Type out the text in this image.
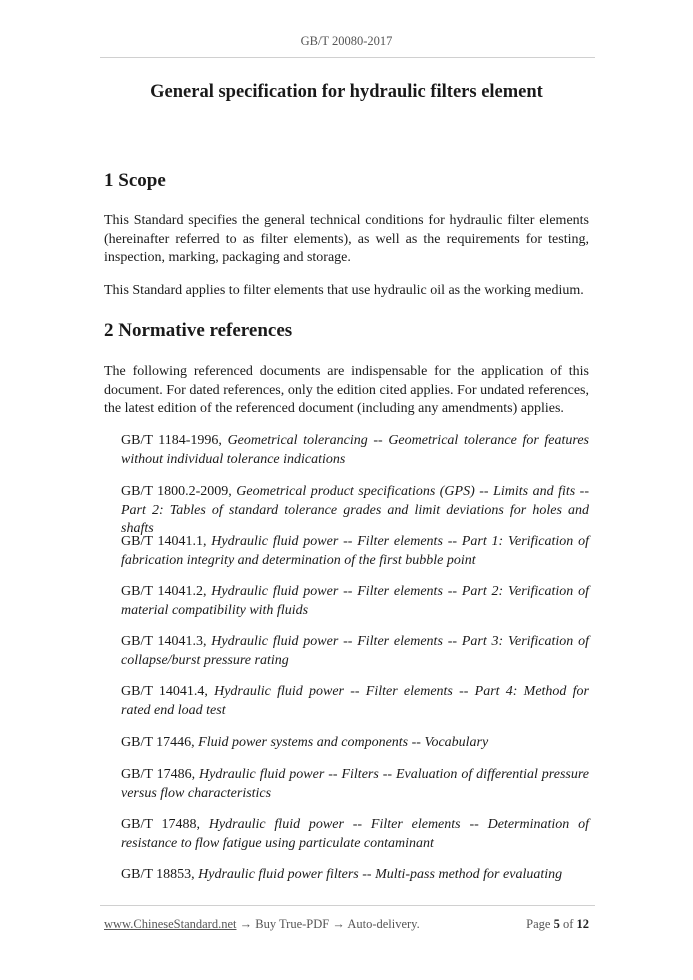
GB/T 20080-2017
General specification for hydraulic filters element
1 Scope
This Standard specifies the general technical conditions for hydraulic filter elements (hereinafter referred to as filter elements), as well as the requirements for testing, inspection, marking, packaging and storage.
This Standard applies to filter elements that use hydraulic oil as the working medium.
2 Normative references
The following referenced documents are indispensable for the application of this document. For dated references, only the edition cited applies. For undated references, the latest edition of the referenced document (including any amendments) applies.
GB/T 1184-1996, Geometrical tolerancing -- Geometrical tolerance for features without individual tolerance indications
GB/T 1800.2-2009, Geometrical product specifications (GPS) -- Limits and fits -- Part 2: Tables of standard tolerance grades and limit deviations for holes and shafts
GB/T 14041.1, Hydraulic fluid power -- Filter elements -- Part 1: Verification of fabrication integrity and determination of the first bubble point
GB/T 14041.2, Hydraulic fluid power -- Filter elements -- Part 2: Verification of material compatibility with fluids
GB/T 14041.3, Hydraulic fluid power -- Filter elements -- Part 3: Verification of collapse/burst pressure rating
GB/T 14041.4, Hydraulic fluid power -- Filter elements -- Part 4: Method for rated end load test
GB/T 17446, Fluid power systems and components -- Vocabulary
GB/T 17486, Hydraulic fluid power -- Filters -- Evaluation of differential pressure versus flow characteristics
GB/T 17488, Hydraulic fluid power -- Filter elements -- Determination of resistance to flow fatigue using particulate contaminant
GB/T 18853, Hydraulic fluid power filters -- Multi-pass method for evaluating
www.ChineseStandard.net → Buy True-PDF → Auto-delivery.	Page 5 of 12
